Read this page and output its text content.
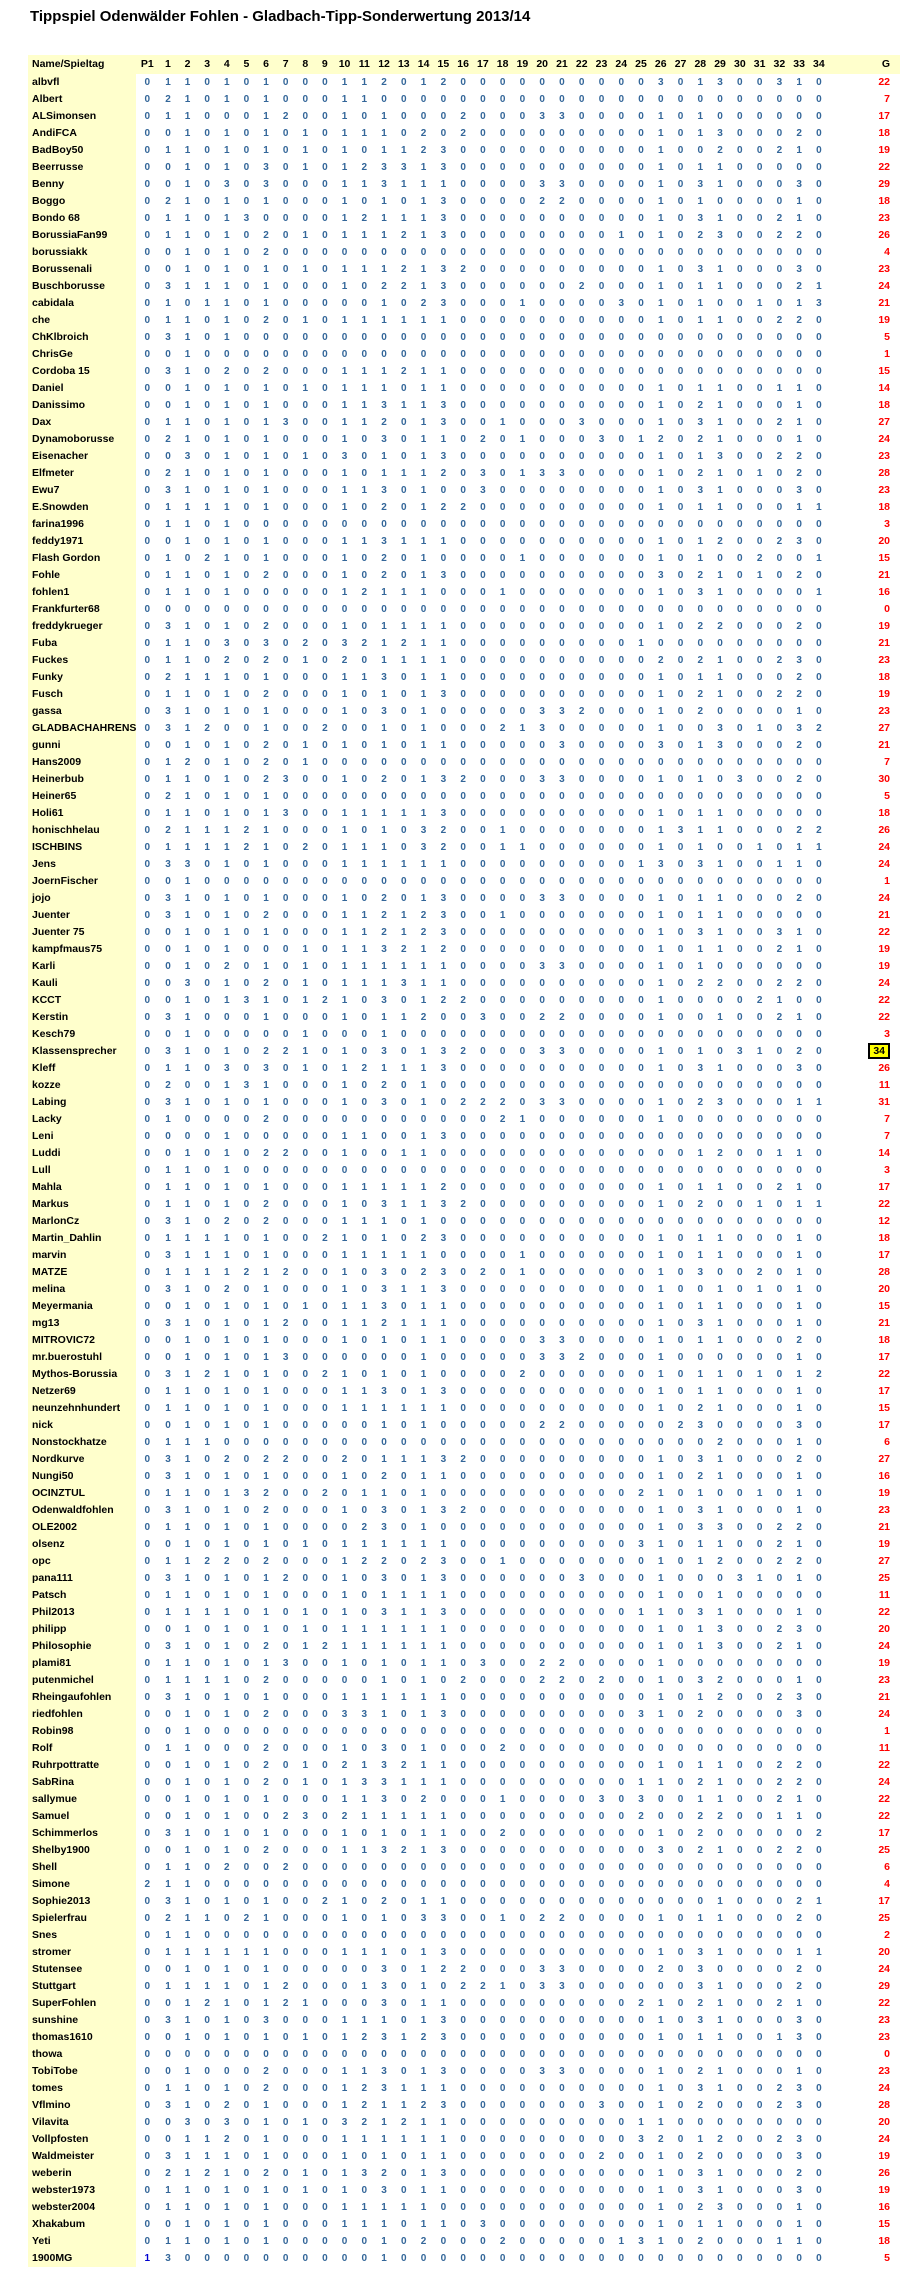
Tippspiel Odenwälder Fohlen - Gladbach-Tipp-Sonderwertung 2013/14
Name/Spieltag	P1	1	2	3	4	5	6	7	8	9	10	11	12	13	14	15	16	17	18	19	20	21	22	23	24	25	26	27	28	29	30	31	32	33	34	G
albvfl	0	1	1	0	1	0	1	0	0	0	1	1	2	0	1	2	0	0	0	0	0	0	0	0	0	0	3	0	1	3	0	0	3	1	0	22
Albert	0	2	1	0	1	0	1	0	0	0	1	1	0	0	0	0	0	0	0	0	0	0	0	0	0	0	0	0	0	0	0	0	0	0	0	7
ALSimonsen	0	1	1	0	0	0	1	2	0	0	1	0	1	0	0	0	2	0	0	0	3	3	0	0	0	0	1	0	1	0	0	0	0	0	0	17
AndiFCA	0	0	1	0	1	0	1	0	1	0	1	1	1	0	2	0	2	0	0	0	0	0	0	0	0	0	1	0	1	3	0	0	0	2	0	18
BadBoy50	0	1	1	0	1	0	1	0	1	0	1	0	1	1	2	3	0	0	0	0	0	0	0	0	0	0	1	0	0	2	0	0	2	1	0	19
Beerrusse	0	0	1	0	1	0	3	0	1	0	1	2	3	3	1	3	0	0	0	0	0	0	0	0	0	0	1	0	1	1	0	0	0	0	0	22
Benny	0	0	1	0	3	0	3	0	0	0	1	1	3	1	1	1	0	0	0	0	3	3	0	0	0	0	1	0	3	1	0	0	0	3	0	29
Boggo	0	2	1	0	1	0	1	0	0	0	1	0	1	0	1	3	0	0	0	0	2	2	0	0	0	0	1	0	1	0	0	0	0	1	0	18
Bondo 68	0	1	1	0	1	3	0	0	0	0	1	2	1	1	1	3	0	0	0	0	0	0	0	0	0	0	1	0	3	1	0	0	2	1	0	23
BorussiaFan99	0	1	1	0	1	0	2	0	1	0	1	1	1	2	1	3	0	0	0	0	0	0	0	0	1	0	1	0	2	3	0	0	2	2	0	26
borussiakk	0	0	1	0	1	0	2	0	0	0	0	0	0	0	0	0	0	0	0	0	0	0	0	0	0	0	0	0	0	0	0	0	0	0	0	4
Borussenali	0	0	1	0	1	0	1	0	1	0	1	1	1	2	1	3	2	0	0	0	0	0	0	0	0	0	1	0	3	1	0	0	0	3	0	23
Buschborusse	0	3	1	1	1	0	1	0	0	0	1	0	2	2	1	3	0	0	0	0	0	0	2	0	0	0	1	0	1	1	0	0	0	2	1	24
cabidala	0	1	0	1	1	0	1	0	0	0	0	0	1	0	2	3	0	0	0	1	0	0	0	0	3	0	1	0	1	0	0	1	0	1	3	21
che	0	1	1	0	1	0	2	0	1	0	1	1	1	1	1	1	0	0	0	0	0	0	0	0	0	0	1	0	1	1	0	0	2	2	0	19
ChKlbroich	0	3	1	0	1	0	0	0	0	0	0	0	0	0	0	0	0	0	0	0	0	0	0	0	0	0	0	0	0	0	0	0	0	0	0	5
ChrisGe	0	0	1	0	0	0	0	0	0	0	0	0	0	0	0	0	0	0	0	0	0	0	0	0	0	0	0	0	0	0	0	0	0	0	0	1
Cordoba 15	0	3	1	0	2	0	2	0	0	0	1	1	1	2	1	1	0	0	0	0	0	0	0	0	0	0	0	0	0	0	0	0	0	0	0	15
Daniel	0	0	1	0	1	0	1	0	1	0	1	1	1	0	1	1	0	0	0	0	0	0	0	0	0	0	1	0	1	1	0	0	1	1	0	14
Danissimo	0	0	1	0	1	0	1	0	0	0	1	1	3	1	1	3	0	0	0	0	0	0	0	0	0	0	1	0	2	1	0	0	0	1	0	18
Dax	0	1	1	0	1	0	1	3	0	0	1	1	2	0	1	3	0	0	1	0	0	0	3	0	0	0	1	0	3	1	0	0	2	1	0	27
Dynamoborusse	0	2	1	0	1	0	1	0	0	0	1	0	3	0	1	1	0	2	0	1	0	0	0	3	0	1	2	0	2	1	0	0	0	1	0	24
Eisenacher	0	0	3	0	1	0	1	0	1	0	3	0	1	0	1	3	0	0	0	0	0	0	0	0	0	0	1	0	1	3	0	0	2	2	0	23
Elfmeter	0	2	1	0	1	0	1	0	0	0	1	0	1	1	1	2	0	3	0	1	3	3	0	0	0	0	1	0	2	1	0	1	0	2	0	28
Ewu7	0	3	1	0	1	0	1	0	0	0	1	1	3	0	1	0	0	3	0	0	0	0	0	0	0	0	1	0	3	1	0	0	0	3	0	23
E.Snowden	0	1	1	1	1	0	1	0	0	0	1	0	2	0	1	2	2	0	0	0	0	0	0	0	0	0	1	0	1	1	0	0	0	1	1	18
farina1996	0	1	1	0	1	0	0	0	0	0	0	0	0	0	0	0	0	0	0	0	0	0	0	0	0	0	0	0	0	0	0	0	0	0	0	3
feddy1971	0	0	1	0	1	0	1	0	0	0	1	1	3	1	1	1	0	0	0	0	0	0	0	0	0	0	1	0	1	2	0	0	2	3	0	20
Flash Gordon	0	1	0	2	1	0	1	0	0	0	1	0	2	0	1	0	0	0	0	1	0	0	0	0	0	0	1	0	1	0	0	2	0	0	1	15
Fohle	0	1	1	0	1	0	2	0	0	0	1	0	2	0	1	3	0	0	0	0	0	0	0	0	0	0	3	0	2	1	0	1	0	2	0	21
fohlen1	0	1	1	0	1	0	0	0	0	0	1	2	1	1	1	0	0	0	1	0	0	0	0	0	0	0	1	0	3	1	0	0	0	0	1	16
Frankfurter68	0	0	0	0	0	0	0	0	0	0	0	0	0	0	0	0	0	0	0	0	0	0	0	0	0	0	0	0	0	0	0	0	0	0	0	0
freddykrueger	0	3	1	0	1	0	2	0	0	0	1	0	1	1	1	1	0	0	0	0	0	0	0	0	0	0	1	0	2	2	0	0	0	2	0	19
Fuba	0	1	1	0	3	0	3	0	2	0	3	2	1	2	1	1	0	0	0	0	0	0	0	0	0	1	0	0	0	0	0	0	0	0	0	21
Fuckes	0	1	1	0	2	0	2	0	1	0	2	0	1	1	1	1	0	0	0	0	0	0	0	0	0	0	2	0	2	1	0	0	2	3	0	23
Funky	0	2	1	1	1	0	1	0	0	0	1	1	3	0	1	1	0	0	0	0	0	0	0	0	0	0	1	0	1	1	0	0	0	2	0	18
Fusch	0	1	1	0	1	0	2	0	0	0	1	0	1	0	1	3	0	0	0	0	0	0	0	0	0	0	1	0	2	1	0	0	2	2	0	19
gassa	0	3	1	0	1	0	1	0	0	0	1	0	3	0	1	0	0	0	0	0	3	3	2	0	0	0	1	0	2	0	0	0	0	1	0	23
GLADBACHAHRENS	0	3	1	2	0	0	1	0	0	2	0	0	1	0	1	0	0	0	2	1	3	0	0	0	0	0	1	0	0	3	0	1	0	3	2	27
gunni	0	0	1	0	1	0	2	0	1	0	1	0	1	0	1	1	0	0	0	0	0	3	0	0	0	0	3	0	1	3	0	0	0	2	0	21
Hans2009	0	1	2	0	1	0	2	0	1	0	0	0	0	0	0	0	0	0	0	0	0	0	0	0	0	0	0	0	0	0	0	0	0	0	0	7
Heinerbub	0	1	1	0	1	0	2	3	0	0	1	0	2	0	1	3	2	0	0	0	3	3	0	0	0	0	1	0	1	0	3	0	0	2	0	30
Heiner65	0	2	1	0	1	0	1	0	0	0	0	0	0	0	0	0	0	0	0	0	0	0	0	0	0	0	0	0	0	0	0	0	0	0	0	5
Holi61	0	1	1	0	1	0	1	3	0	0	1	1	1	1	1	3	0	0	0	0	0	0	0	0	0	0	1	0	1	1	0	0	0	0	0	18
honischhelau	0	2	1	1	1	2	1	0	0	0	1	0	1	0	3	2	0	0	1	0	0	0	0	0	0	0	1	3	1	1	0	0	0	2	2	26
ISCHBINS	0	1	1	1	1	2	1	0	2	0	1	1	1	0	3	2	0	0	1	1	0	0	0	0	0	0	1	0	1	0	0	1	0	1	1	24
Jens	0	3	3	0	1	0	1	0	0	0	1	1	1	1	1	1	0	0	0	0	0	0	0	0	0	1	3	0	3	1	0	0	1	1	0	24
JoernFischer	0	0	1	0	0	0	0	0	0	0	0	0	0	0	0	0	0	0	0	0	0	0	0	0	0	0	0	0	0	0	0	0	0	0	0	1
jojo	0	3	1	0	1	0	1	0	0	0	1	0	2	0	1	3	0	0	0	0	3	3	0	0	0	0	1	0	1	1	0	0	0	2	0	24
Juenter	0	3	1	0	1	0	2	0	0	0	1	1	2	1	2	3	0	0	1	0	0	0	0	0	0	0	1	0	1	1	0	0	0	0	0	21
Juenter 75	0	0	1	0	1	0	1	0	0	0	1	1	2	1	2	3	0	0	0	0	0	0	0	0	0	0	1	0	3	1	0	0	3	1	0	22
kampfmaus75	0	0	1	0	1	0	0	0	1	0	1	1	3	2	1	2	0	0	0	0	0	0	0	0	0	0	1	0	1	1	0	0	2	1	0	19
Karli	0	0	1	0	2	0	1	0	1	0	1	1	1	1	1	1	0	0	0	0	3	3	0	0	0	0	1	0	1	0	0	0	0	0	0	19
Kauli	0	0	3	0	1	0	2	0	1	0	1	1	1	3	1	1	0	0	0	0	0	0	0	0	0	0	1	0	2	2	0	0	2	2	0	24
KCCT	0	0	1	0	1	3	1	0	1	2	1	0	3	0	1	2	2	0	0	0	0	0	0	0	0	0	1	0	0	0	0	2	1	0	0	22
Kerstin	0	3	1	0	0	0	1	0	0	0	1	0	1	1	2	0	0	3	0	0	2	2	0	0	0	0	1	0	0	1	0	0	2	1	0	22
Kesch79	0	0	1	0	0	0	0	0	1	0	0	0	1	0	0	0	0	0	0	0	0	0	0	0	0	0	0	0	0	0	0	0	0	0	0	3
Klassensprecher	0	3	1	0	1	0	2	2	1	0	1	0	3	0	1	3	2	0	0	0	3	3	0	0	0	0	1	0	1	0	3	1	0	2	0	34
Kleff	0	1	1	0	3	0	3	0	1	0	1	2	1	1	1	3	0	0	0	0	0	0	0	0	0	0	1	0	3	1	0	0	0	3	0	26
kozze	0	2	0	0	1	3	1	0	0	0	1	0	2	0	1	0	0	0	0	0	0	0	0	0	0	0	0	0	0	0	0	0	0	0	0	11
Labing	0	3	1	0	1	0	1	0	0	0	1	0	3	0	1	0	2	2	2	0	3	3	0	0	0	0	1	0	2	3	0	0	0	1	1	31
Lacky	0	1	0	0	0	0	2	0	0	0	0	0	0	0	0	0	0	0	2	1	0	0	0	0	0	0	1	0	0	0	0	0	0	0	0	7
Leni	0	0	0	0	1	0	0	0	0	0	1	1	0	0	1	3	0	0	0	0	0	0	0	0	0	0	0	0	0	0	0	0	0	0	0	7
Luddi	0	0	1	0	1	0	2	2	0	0	1	0	0	1	1	0	0	0	0	0	0	0	0	0	0	0	0	0	1	2	0	0	1	1	0	14
Lull	0	1	1	0	1	0	0	0	0	0	0	0	0	0	0	0	0	0	0	0	0	0	0	0	0	0	0	0	0	0	0	0	0	0	0	3
Mahla	0	1	1	0	1	0	1	0	0	0	1	1	1	1	1	2	0	0	0	0	0	0	0	0	0	0	1	0	1	1	0	0	2	1	0	17
Markus	0	1	1	0	1	0	2	0	0	0	1	0	3	1	1	3	2	0	0	0	0	0	0	0	0	0	1	0	2	0	0	1	0	1	1	22
MarlonCz	0	3	1	0	2	0	2	0	0	0	1	1	1	0	1	0	0	0	0	0	0	0	0	0	0	0	0	0	0	0	0	0	0	0	0	12
Martin_Dahlin	0	1	1	1	1	0	1	0	0	2	1	0	1	0	2	3	0	0	0	0	0	0	0	0	0	0	1	0	1	1	0	0	0	1	0	18
marvin	0	3	1	1	1	0	1	0	0	0	1	1	1	1	1	0	0	0	0	1	0	0	0	0	0	0	1	0	1	1	0	0	0	1	0	17
MATZE	0	1	1	1	1	2	1	2	0	0	1	0	3	0	2	3	0	2	0	1	0	0	0	0	0	0	1	0	3	0	0	2	0	1	0	28
melina	0	3	1	0	2	0	1	0	0	0	1	0	3	1	1	3	0	0	0	0	0	0	0	0	0	0	1	0	0	1	0	1	0	1	0	20
Meyermania	0	0	1	0	1	0	1	0	1	0	1	1	3	0	1	1	0	0	0	0	0	0	0	0	0	0	1	0	1	1	0	0	0	1	0	15
mg13	0	3	1	0	1	0	1	2	0	0	1	1	2	1	1	1	0	0	0	0	0	0	0	0	0	0	1	0	3	1	0	0	0	1	0	21
MITROVIC72	0	0	1	0	1	0	1	0	0	0	1	0	1	0	1	1	0	0	0	0	3	3	0	0	0	0	1	0	1	1	0	0	0	2	0	18
mr.buerostuhl	0	0	1	0	1	0	1	3	0	0	0	0	0	0	1	0	0	0	0	0	3	3	2	0	0	0	1	0	0	0	0	0	0	1	0	17
Mythos-Borussia	0	3	1	2	1	0	1	0	0	2	1	0	1	0	1	0	0	0	0	2	0	0	0	0	0	0	1	0	1	1	0	1	0	1	2	22
Netzer69	0	1	1	0	1	0	1	0	0	0	1	1	3	0	1	3	0	0	0	0	0	0	0	0	0	0	1	0	1	1	0	0	0	1	0	17
neunzehnhundert	0	1	1	0	1	0	1	0	0	0	1	1	1	1	1	1	0	0	0	0	0	0	0	0	0	0	1	0	2	1	0	0	0	1	0	15
nick	0	0	1	0	1	0	1	0	0	0	0	0	1	0	1	0	0	0	0	0	2	2	0	0	0	0	0	2	3	0	0	0	0	3	0	17
Nonstockhatze	0	1	1	1	0	0	0	0	0	0	0	0	0	0	0	0	0	0	0	0	0	0	0	0	0	0	0	0	0	2	0	0	0	1	0	6
Nordkurve	0	3	1	0	2	0	2	2	0	0	2	0	1	1	1	3	2	0	0	0	0	0	0	0	0	0	1	0	3	1	0	0	0	2	0	27
Nungi50	0	3	1	0	1	0	1	0	0	0	1	0	2	0	1	1	0	0	0	0	0	0	0	0	0	0	1	0	2	1	0	0	0	1	0	16
OCINZTUL	0	1	1	0	1	3	2	0	0	2	0	1	1	0	1	0	0	0	0	0	0	0	0	0	0	2	1	0	1	0	0	1	0	1	0	19
Odenwaldfohlen	0	3	1	0	1	0	2	0	0	0	1	0	3	0	1	3	2	0	0	0	0	0	0	0	0	0	1	0	3	1	0	0	0	1	0	23
OLE2002	0	1	1	0	1	0	1	0	0	0	0	2	3	0	1	0	0	0	0	0	0	0	0	0	0	0	1	0	3	3	0	0	2	2	0	21
olsenz	0	0	1	0	1	0	1	0	1	0	1	1	1	1	1	1	0	0	0	0	0	0	0	0	0	3	1	0	1	1	0	0	2	1	0	19
opc	0	1	1	2	2	0	2	0	0	0	1	2	2	0	2	3	0	0	1	0	0	0	0	0	0	0	1	0	1	2	0	0	2	2	0	27
pana111	0	3	1	0	1	0	1	2	0	0	1	0	3	0	1	3	0	0	0	0	0	0	3	0	0	0	1	0	0	0	3	1	0	1	0	25
Patsch	0	1	1	0	1	0	1	0	0	0	1	0	1	1	1	1	0	0	0	0	0	0	0	0	0	0	1	0	0	1	0	0	0	0	0	11
Phil2013	0	1	1	1	1	0	1	0	1	0	1	0	3	1	1	3	0	0	0	0	0	0	0	0	0	1	1	0	3	1	0	0	0	1	0	22
philipp	0	0	1	0	1	0	1	0	1	0	1	1	1	1	1	1	0	0	0	0	0	0	0	0	0	0	1	0	1	3	0	0	2	3	0	20
Philosophie	0	3	1	0	1	0	2	0	1	2	1	1	1	1	1	1	0	0	0	0	0	0	0	0	0	0	1	0	1	3	0	0	2	1	0	24
plami81	0	1	1	0	1	0	1	3	0	0	1	0	1	0	1	1	0	3	0	0	2	2	0	0	0	0	1	0	0	0	0	0	0	0	0	19
putenmichel	0	1	1	1	1	0	2	0	0	0	0	0	1	0	1	0	2	0	0	0	2	2	0	2	0	0	1	0	3	2	0	0	0	1	0	23
Rheingaufohlen	0	3	1	0	1	0	1	0	0	0	1	1	1	1	1	1	0	0	0	0	0	0	0	0	0	0	1	0	1	2	0	0	2	3	0	21
riedfohlen	0	0	1	0	1	0	2	0	0	0	3	3	1	0	1	3	0	0	0	0	0	0	0	0	0	3	1	0	2	0	0	0	0	3	0	24
Robin98	0	0	1	0	0	0	0	0	0	0	0	0	0	0	0	0	0	0	0	0	0	0	0	0	0	0	0	0	0	0	0	0	0	0	0	1
Rolf	0	1	1	0	0	0	2	0	0	0	1	0	3	0	1	0	0	0	2	0	0	0	0	0	0	0	0	0	0	0	0	0	0	0	0	11
Ruhrpottratte	0	0	1	0	1	0	2	0	1	0	2	1	3	2	1	1	0	0	0	0	0	0	0	0	0	0	1	0	1	1	0	0	2	2	0	22
SabRina	0	0	1	0	1	0	2	0	1	0	1	3	3	1	1	1	0	0	0	0	0	0	0	0	0	1	1	0	2	1	0	0	2	2	0	24
sallymue	0	0	1	0	1	0	1	0	0	0	1	1	3	0	2	0	0	0	1	0	0	0	0	3	0	3	0	0	1	1	0	0	2	1	0	22
Samuel	0	0	1	0	1	0	0	2	3	0	2	1	1	1	1	1	0	0	0	0	0	0	0	0	0	2	0	0	2	2	0	0	1	1	0	22
Schimmerlos	0	3	1	0	1	0	1	0	0	0	1	0	1	0	1	1	0	0	2	0	0	0	0	0	0	0	1	0	2	0	0	0	0	0	2	17
Shelby1900	0	0	1	0	1	0	2	0	0	0	1	1	3	2	1	3	0	0	0	0	0	0	0	0	0	0	3	0	2	1	0	0	2	2	0	25
Shell	0	1	1	0	2	0	0	2	0	0	0	0	0	0	0	0	0	0	0	0	0	0	0	0	0	0	0	0	0	0	0	0	0	0	0	6
Simone	2	1	1	0	0	0	0	0	0	0	0	0	0	0	0	0	0	0	0	0	0	0	0	0	0	0	0	0	0	0	0	0	0	0	0	4
Sophie2013	0	3	1	0	1	0	1	0	0	2	1	0	2	0	1	1	0	0	0	0	0	0	0	0	0	0	0	0	0	1	0	0	0	2	1	17
Spielerfrau	0	2	1	1	0	2	1	0	0	0	1	0	1	0	3	3	0	0	1	0	2	2	0	0	0	0	1	0	1	1	0	0	0	2	0	25
Snes	0	1	1	0	0	0	0	0	0	0	0	0	0	0	0	0	0	0	0	0	0	0	0	0	0	0	0	0	0	0	0	0	0	0	0	2
stromer	0	1	1	1	1	1	1	0	0	0	1	1	1	0	1	3	0	0	0	0	0	0	0	0	0	0	1	0	3	1	0	0	0	1	1	20
Stutensee	0	0	1	0	1	0	1	0	0	0	0	0	3	0	1	2	2	0	0	0	3	3	0	0	0	0	2	0	3	0	0	0	0	2	0	24
Stuttgart	0	1	1	1	1	0	1	2	0	0	0	1	3	0	1	0	2	2	1	0	3	3	0	0	0	0	0	0	3	1	0	0	0	2	0	29
SuperFohlen	0	0	1	2	1	0	1	2	1	0	0	0	3	0	1	1	0	0	0	0	0	0	0	0	0	2	1	0	2	1	0	0	2	1	0	22
sunshine	0	3	1	0	1	0	3	0	0	0	1	1	1	0	1	3	0	0	0	0	0	0	0	0	0	0	1	0	3	1	0	0	0	3	0	23
thomas1610	0	0	1	0	1	0	1	0	1	0	1	2	3	1	2	3	0	0	0	0	0	0	0	0	0	0	1	0	1	1	0	0	1	3	0	23
thowa	0	0	0	0	0	0	0	0	0	0	0	0	0	0	0	0	0	0	0	0	0	0	0	0	0	0	0	0	0	0	0	0	0	0	0	0
TobiTobe	0	0	1	0	0	0	2	0	0	0	1	1	3	0	1	3	0	0	0	0	3	3	0	0	0	0	1	0	2	1	0	0	0	1	0	23
tomes	0	1	1	0	1	0	2	0	0	0	1	2	3	1	1	1	0	0	0	0	0	0	0	0	0	0	1	0	3	1	0	0	2	3	0	24
Vflmino	0	3	1	0	2	0	1	0	0	0	1	2	1	1	2	3	0	0	0	0	0	0	0	3	0	0	1	0	2	0	0	0	2	3	0	28
Vilavita	0	0	3	0	3	0	1	0	1	0	3	2	1	2	1	1	0	0	0	0	0	0	0	0	0	1	1	0	0	0	0	0	0	0	0	20
Vollpfosten	0	0	1	1	2	0	1	0	0	0	1	1	1	1	1	1	0	0	0	0	0	0	0	0	0	3	2	0	1	2	0	0	2	3	0	24
Waldmeister	0	3	1	1	1	0	1	0	0	0	1	0	1	0	1	1	0	0	0	0	0	0	0	2	0	0	1	0	2	0	0	0	0	3	0	19
weberin	0	2	1	2	1	0	2	0	1	0	1	3	2	0	1	3	0	0	0	0	0	0	0	0	0	0	1	0	3	1	0	0	0	2	0	26
webster1973	0	1	1	0	1	0	1	0	1	0	1	0	3	0	1	1	0	0	0	0	0	0	0	0	0	0	1	0	3	1	0	0	0	3	0	19
webster2004	0	1	1	0	1	0	1	0	0	0	1	1	1	1	1	0	0	0	0	0	0	0	0	0	0	0	1	0	2	3	0	0	0	1	0	16
Xhakabum	0	0	1	0	1	0	1	0	0	0	1	1	1	0	1	1	0	3	0	0	0	0	0	0	0	0	1	0	1	1	0	0	0	1	0	15
Yeti	0	1	1	0	1	0	1	0	0	0	0	0	1	0	2	0	0	0	2	0	0	0	0	0	1	3	1	0	2	0	0	0	1	1	0	18
1900MG	1	3	0	0	0	0	0	0	0	0	0	0	1	0	0	0	0	0	0	0	0	0	0	0	0	0	0	0	0	0	0	0	0	0	0	5
